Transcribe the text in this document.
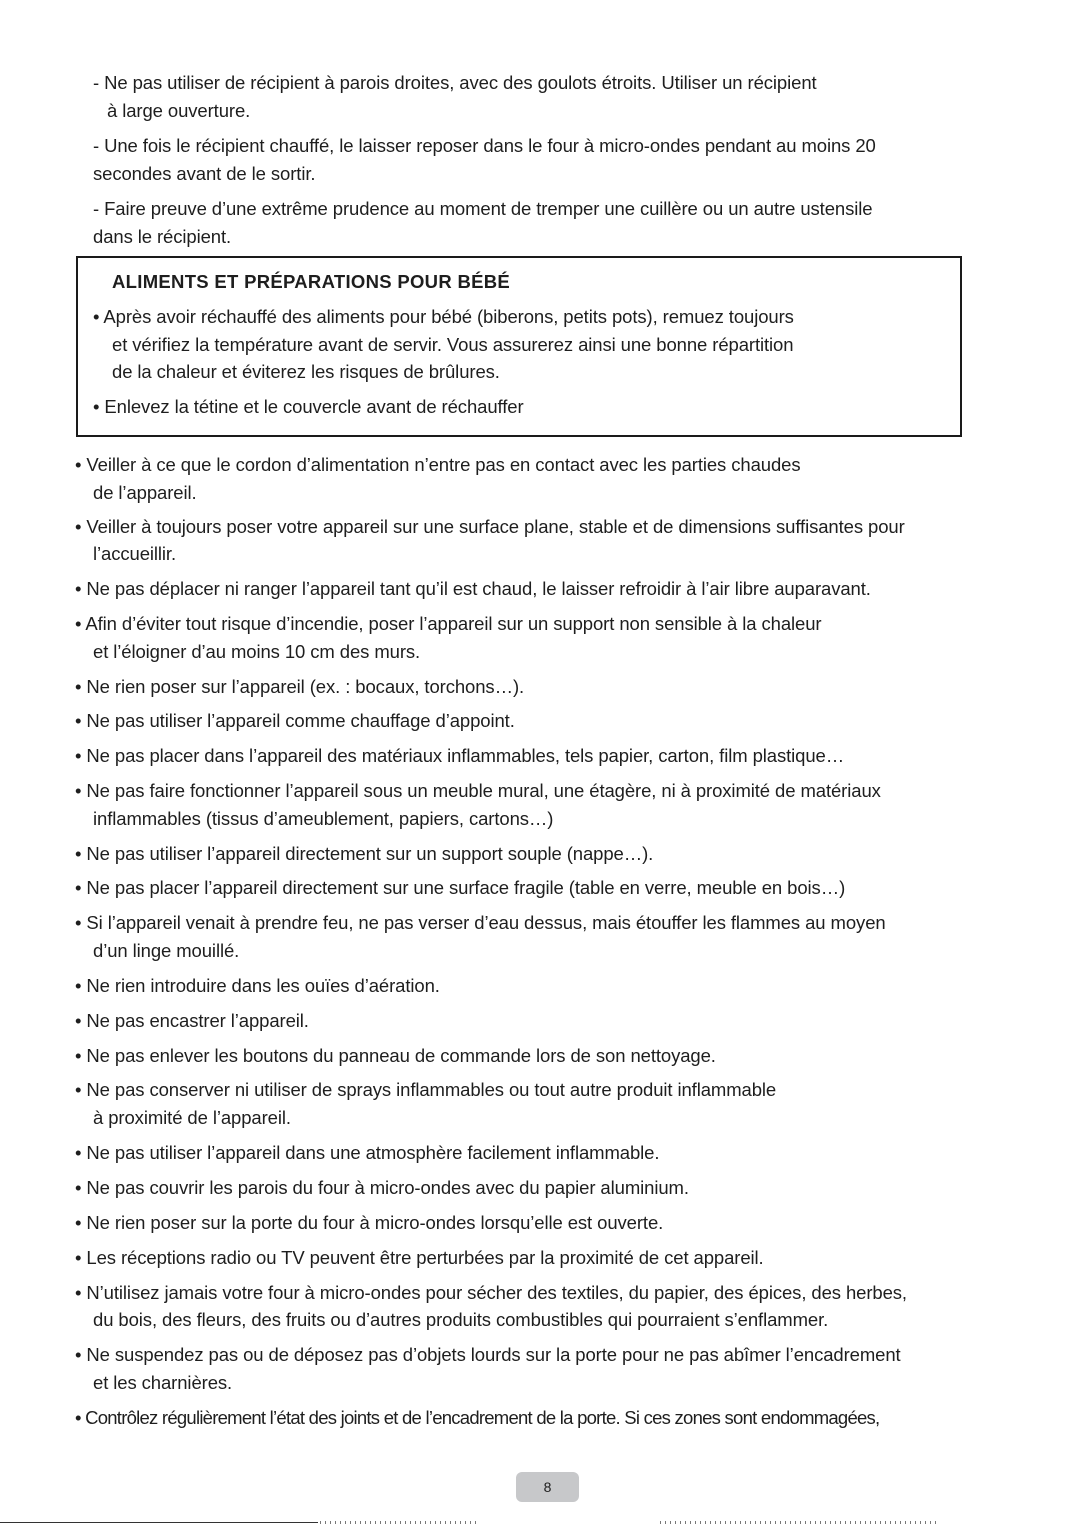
- Ne pas utiliser de récipient à parois droites, avec des goulots étroits. Utiliser un récipient
à large ouverture.
- Une fois le récipient chauffé, le laisser reposer dans le four à micro-ondes pendant au moins 20
secondes avant de le sortir.
- Faire preuve d’une extrême prudence au moment de tremper une cuillère ou un autre ustensile
dans le récipient.
ALIMENTS ET PRÉPARATIONS POUR BÉBÉ
• Après avoir réchauffé des aliments pour bébé (biberons, petits pots), remuez toujours
et vérifiez la température avant de servir. Vous assurerez ainsi une bonne répartition
de la chaleur et éviterez les risques de brûlures.
• Enlevez la tétine et le couvercle avant de réchauffer
• Veiller à ce que le cordon d’alimentation n’entre pas en contact avec les parties chaudes
de l’appareil.
• Veiller à toujours poser votre appareil sur une surface plane, stable et de dimensions suffisantes pour
l’accueillir.
• Ne pas déplacer ni ranger l’appareil tant qu’il est chaud, le laisser refroidir à l’air libre auparavant.
• Afin d’éviter tout risque d’incendie, poser l’appareil sur un support non sensible à la chaleur
et l’éloigner d’au moins 10 cm des murs.
• Ne rien poser sur l’appareil (ex. : bocaux, torchons…).
• Ne pas utiliser l’appareil comme chauffage d’appoint.
• Ne pas placer dans l’appareil des matériaux inflammables, tels papier, carton, film plastique…
• Ne pas faire fonctionner l’appareil sous un meuble mural, une étagère, ni à proximité de matériaux
inflammables (tissus d’ameublement, papiers, cartons…)
• Ne pas utiliser l’appareil directement sur un support souple (nappe…).
• Ne pas placer l’appareil directement sur une surface fragile (table en verre, meuble en bois…)
• Si l’appareil venait à prendre feu, ne pas verser d’eau dessus, mais étouffer les flammes au moyen
d’un linge mouillé.
• Ne rien introduire dans les ouïes d’aération.
• Ne pas encastrer l’appareil.
• Ne pas enlever les boutons du panneau de commande lors de son nettoyage.
• Ne pas conserver ni utiliser de sprays inflammables ou tout autre produit inflammable
à proximité de l’appareil.
• Ne pas utiliser l’appareil dans une atmosphère facilement inflammable.
• Ne pas couvrir les parois du four à micro-ondes avec du papier aluminium.
• Ne rien poser sur la porte du four à micro-ondes lorsqu’elle est ouverte.
• Les réceptions radio ou TV peuvent être perturbées par la proximité de cet appareil.
• N’utilisez jamais votre four à micro-ondes pour sécher des textiles, du papier, des épices, des herbes,
du bois, des fleurs, des fruits ou d’autres produits combustibles qui pourraient s’enflammer.
• Ne suspendez pas ou de déposez pas d’objets lourds sur la porte pour ne pas abîmer l’encadrement
et les charnières.
• Contrôlez régulièrement l’état des joints et de l’encadrement de la porte. Si ces zones sont endommagées,
8
